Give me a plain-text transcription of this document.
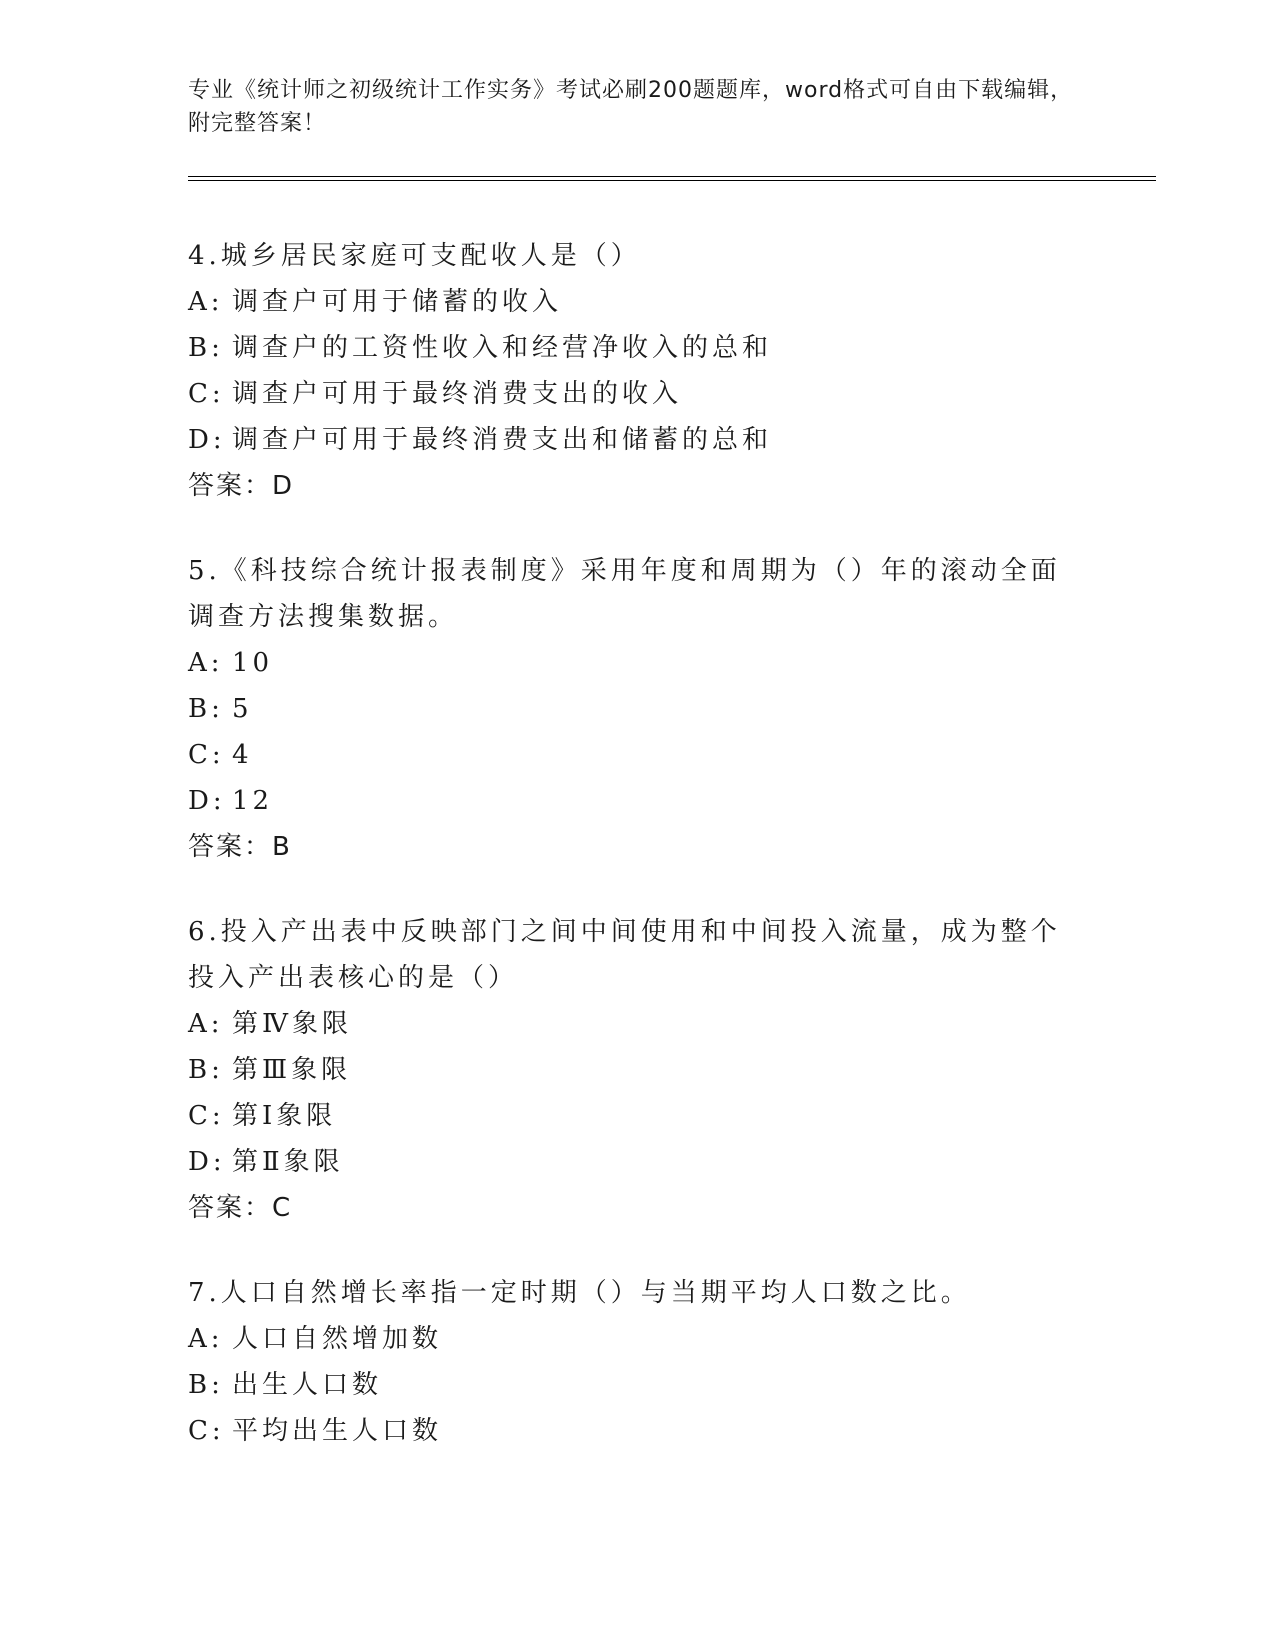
专业《统计师之初级统计工作实务》考试必刷200题题库，word格式可自由下载编辑，附完整答案！
4.城乡居民家庭可支配收人是（）
A: 调查户可用于储蓄的收入
B: 调查户的工资性收入和经营净收入的总和
C: 调查户可用于最终消费支出的收入
D: 调查户可用于最终消费支出和储蓄的总和
答案：D
5.《科技综合统计报表制度》采用年度和周期为（）年的滚动全面调查方法搜集数据。
A: 10
B: 5
C: 4
D: 12
答案：B
6.投入产出表中反映部门之间中间使用和中间投入流量，成为整个投入产出表核心的是（）
A: 第Ⅳ象限
B: 第Ⅲ象限
C: 第Ⅰ象限
D: 第Ⅱ象限
答案：C
7.人口自然增长率指一定时期（）与当期平均人口数之比。
A: 人口自然增加数
B: 出生人口数
C: 平均出生人口数
